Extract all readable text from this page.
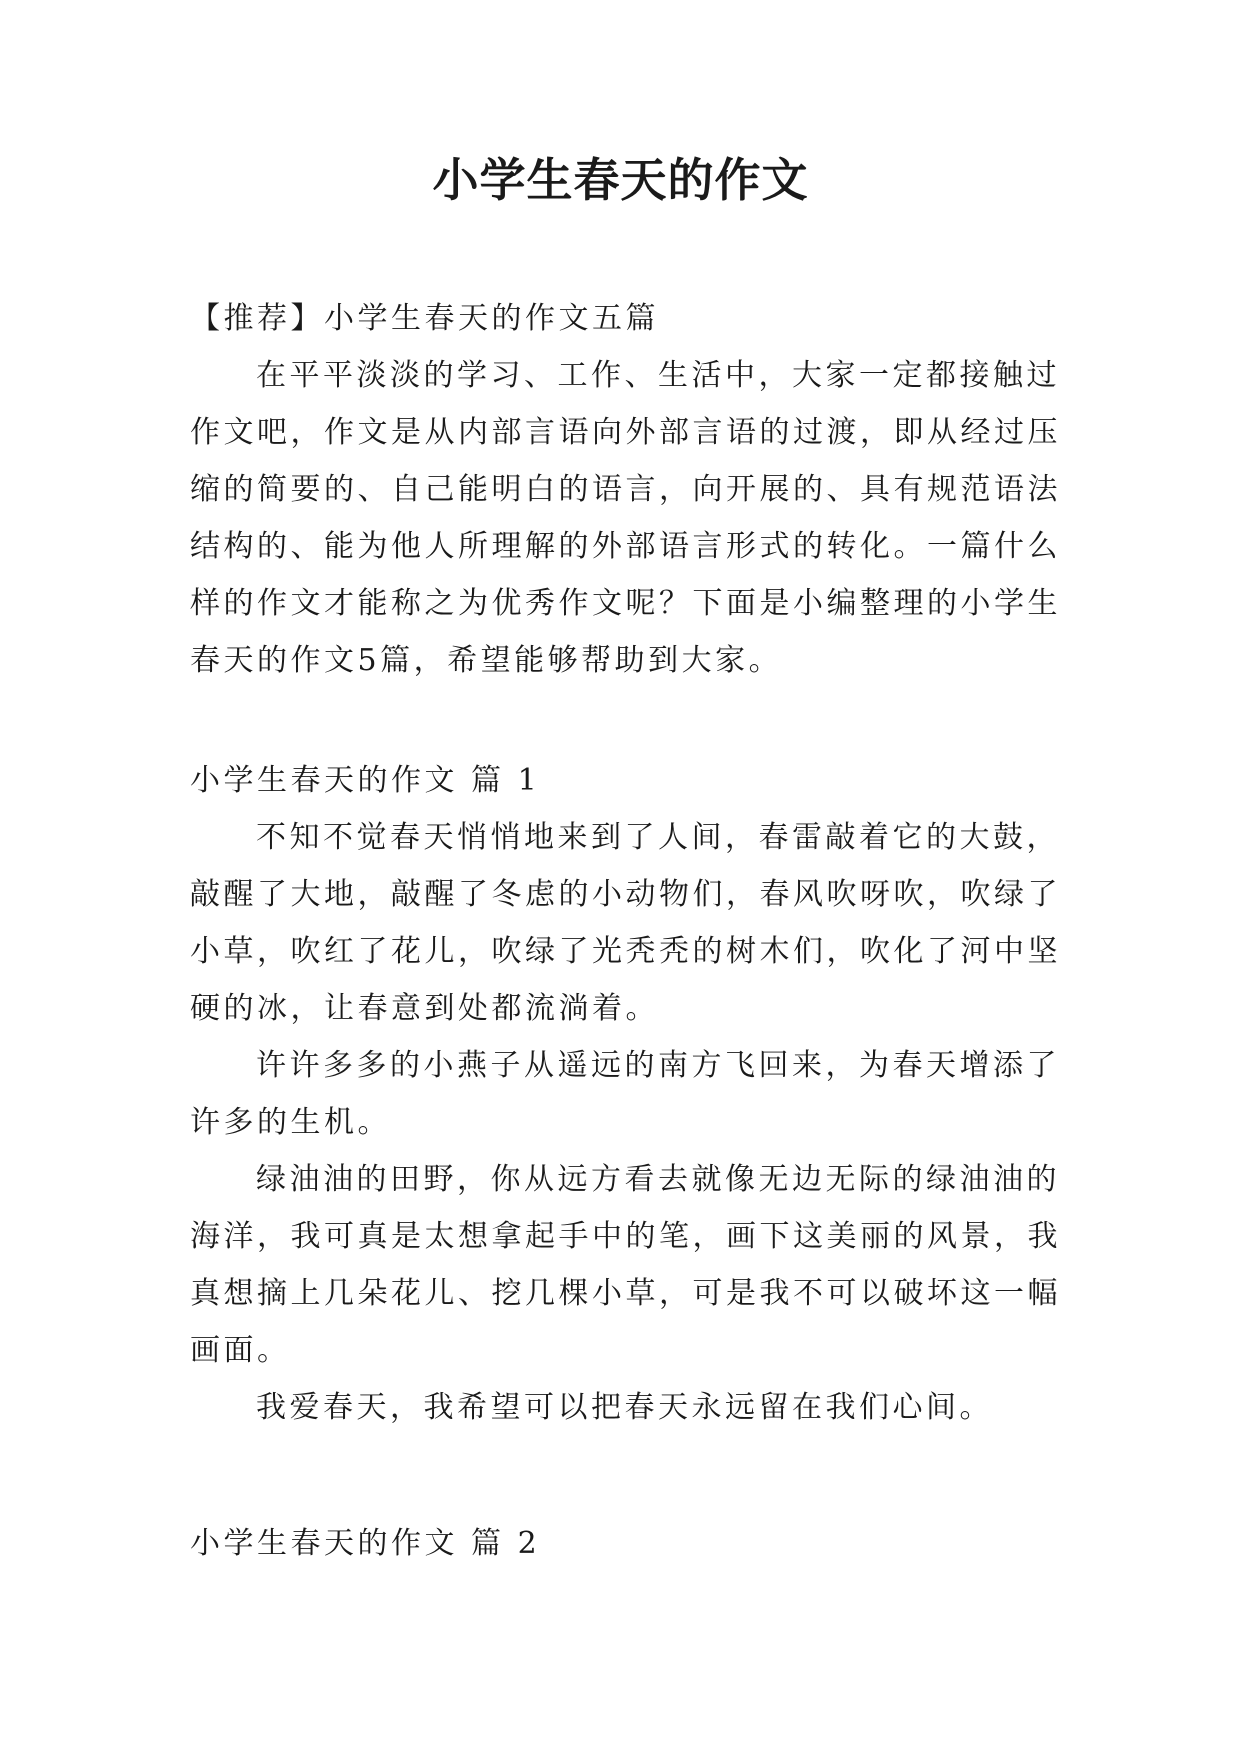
小学生春天的作文

【推荐】小学生春天的作文五篇

在平平淡淡的学习、工作、生活中，大家一定都接触过作文吧，作文是从内部言语向外部言语的过渡，即从经过压缩的简要的、自己能明白的语言，向开展的、具有规范语法结构的、能为他人所理解的外部语言形式的转化。一篇什么样的作文才能称之为优秀作文呢？下面是小编整理的小学生春天的作文5篇，希望能够帮助到大家。

小学生春天的作文 篇 1

不知不觉春天悄悄地来到了人间，春雷敲着它的大鼓，敲醒了大地，敲醒了冬虑的小动物们，春风吹呀吹，吹绿了小草，吹红了花儿，吹绿了光秃秃的树木们，吹化了河中坚硬的冰，让春意到处都流淌着。

许许多多的小燕子从遥远的南方飞回来，为春天增添了许多的生机。

绿油油的田野，你从远方看去就像无边无际的绿油油的海洋，我可真是太想拿起手中的笔，画下这美丽的风景，我真想摘上几朵花儿、挖几棵小草，可是我不可以破坏这一幅画面。

我爱春天，我希望可以把春天永远留在我们心间。

小学生春天的作文 篇 2
